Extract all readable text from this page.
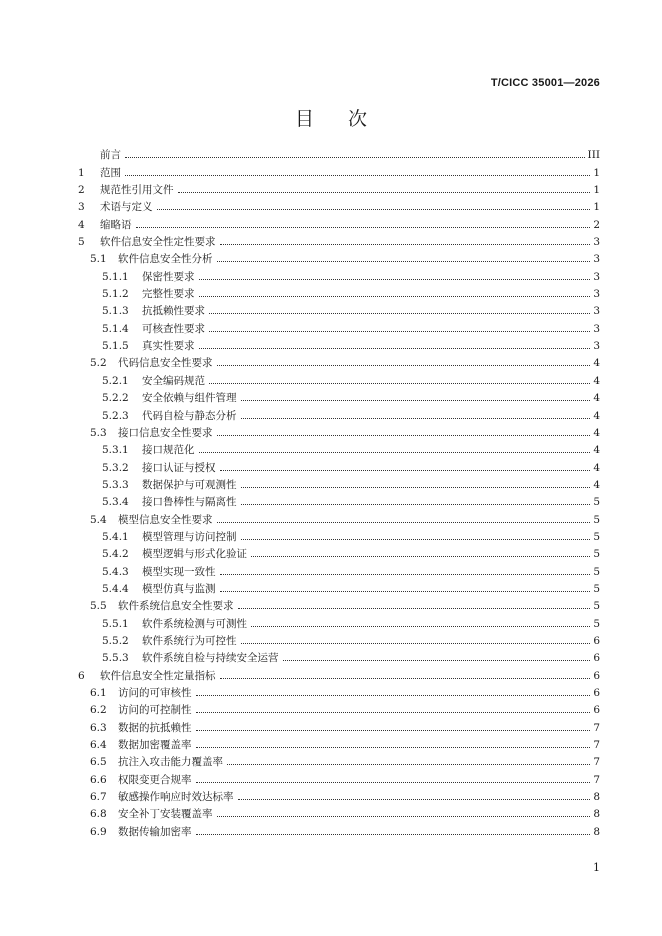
T/CICC 35001—2026
目次
前言	III
1	范围	1
2	规范性引用文件	1
3	术语与定义	1
4	缩略语	2
5	软件信息安全性定性要求	3
5.1	软件信息安全性分析	3
5.1.1	保密性要求	3
5.1.2	完整性要求	3
5.1.3	抗抵赖性要求	3
5.1.4	可核查性要求	3
5.1.5	真实性要求	3
5.2	代码信息安全性要求	4
5.2.1	安全编码规范	4
5.2.2	安全依赖与组件管理	4
5.2.3	代码自检与静态分析	4
5.3	接口信息安全性要求	4
5.3.1	接口规范化	4
5.3.2	接口认证与授权	4
5.3.3	数据保护与可观测性	4
5.3.4	接口鲁棒性与隔离性	5
5.4	模型信息安全性要求	5
5.4.1	模型管理与访问控制	5
5.4.2	模型逻辑与形式化验证	5
5.4.3	模型实现一致性	5
5.4.4	模型仿真与监测	5
5.5	软件系统信息安全性要求	5
5.5.1	软件系统检测与可测性	5
5.5.2	软件系统行为可控性	6
5.5.3	软件系统自检与持续安全运营	6
6	软件信息安全性定量指标	6
6.1	访问的可审核性	6
6.2	访问的可控制性	6
6.3	数据的抗抵赖性	7
6.4	数据加密覆盖率	7
6.5	抗注入攻击能力覆盖率	7
6.6	权限变更合规率	7
6.7	敏感操作响应时效达标率	8
6.8	安全补丁安装覆盖率	8
6.9	数据传输加密率	8
1
